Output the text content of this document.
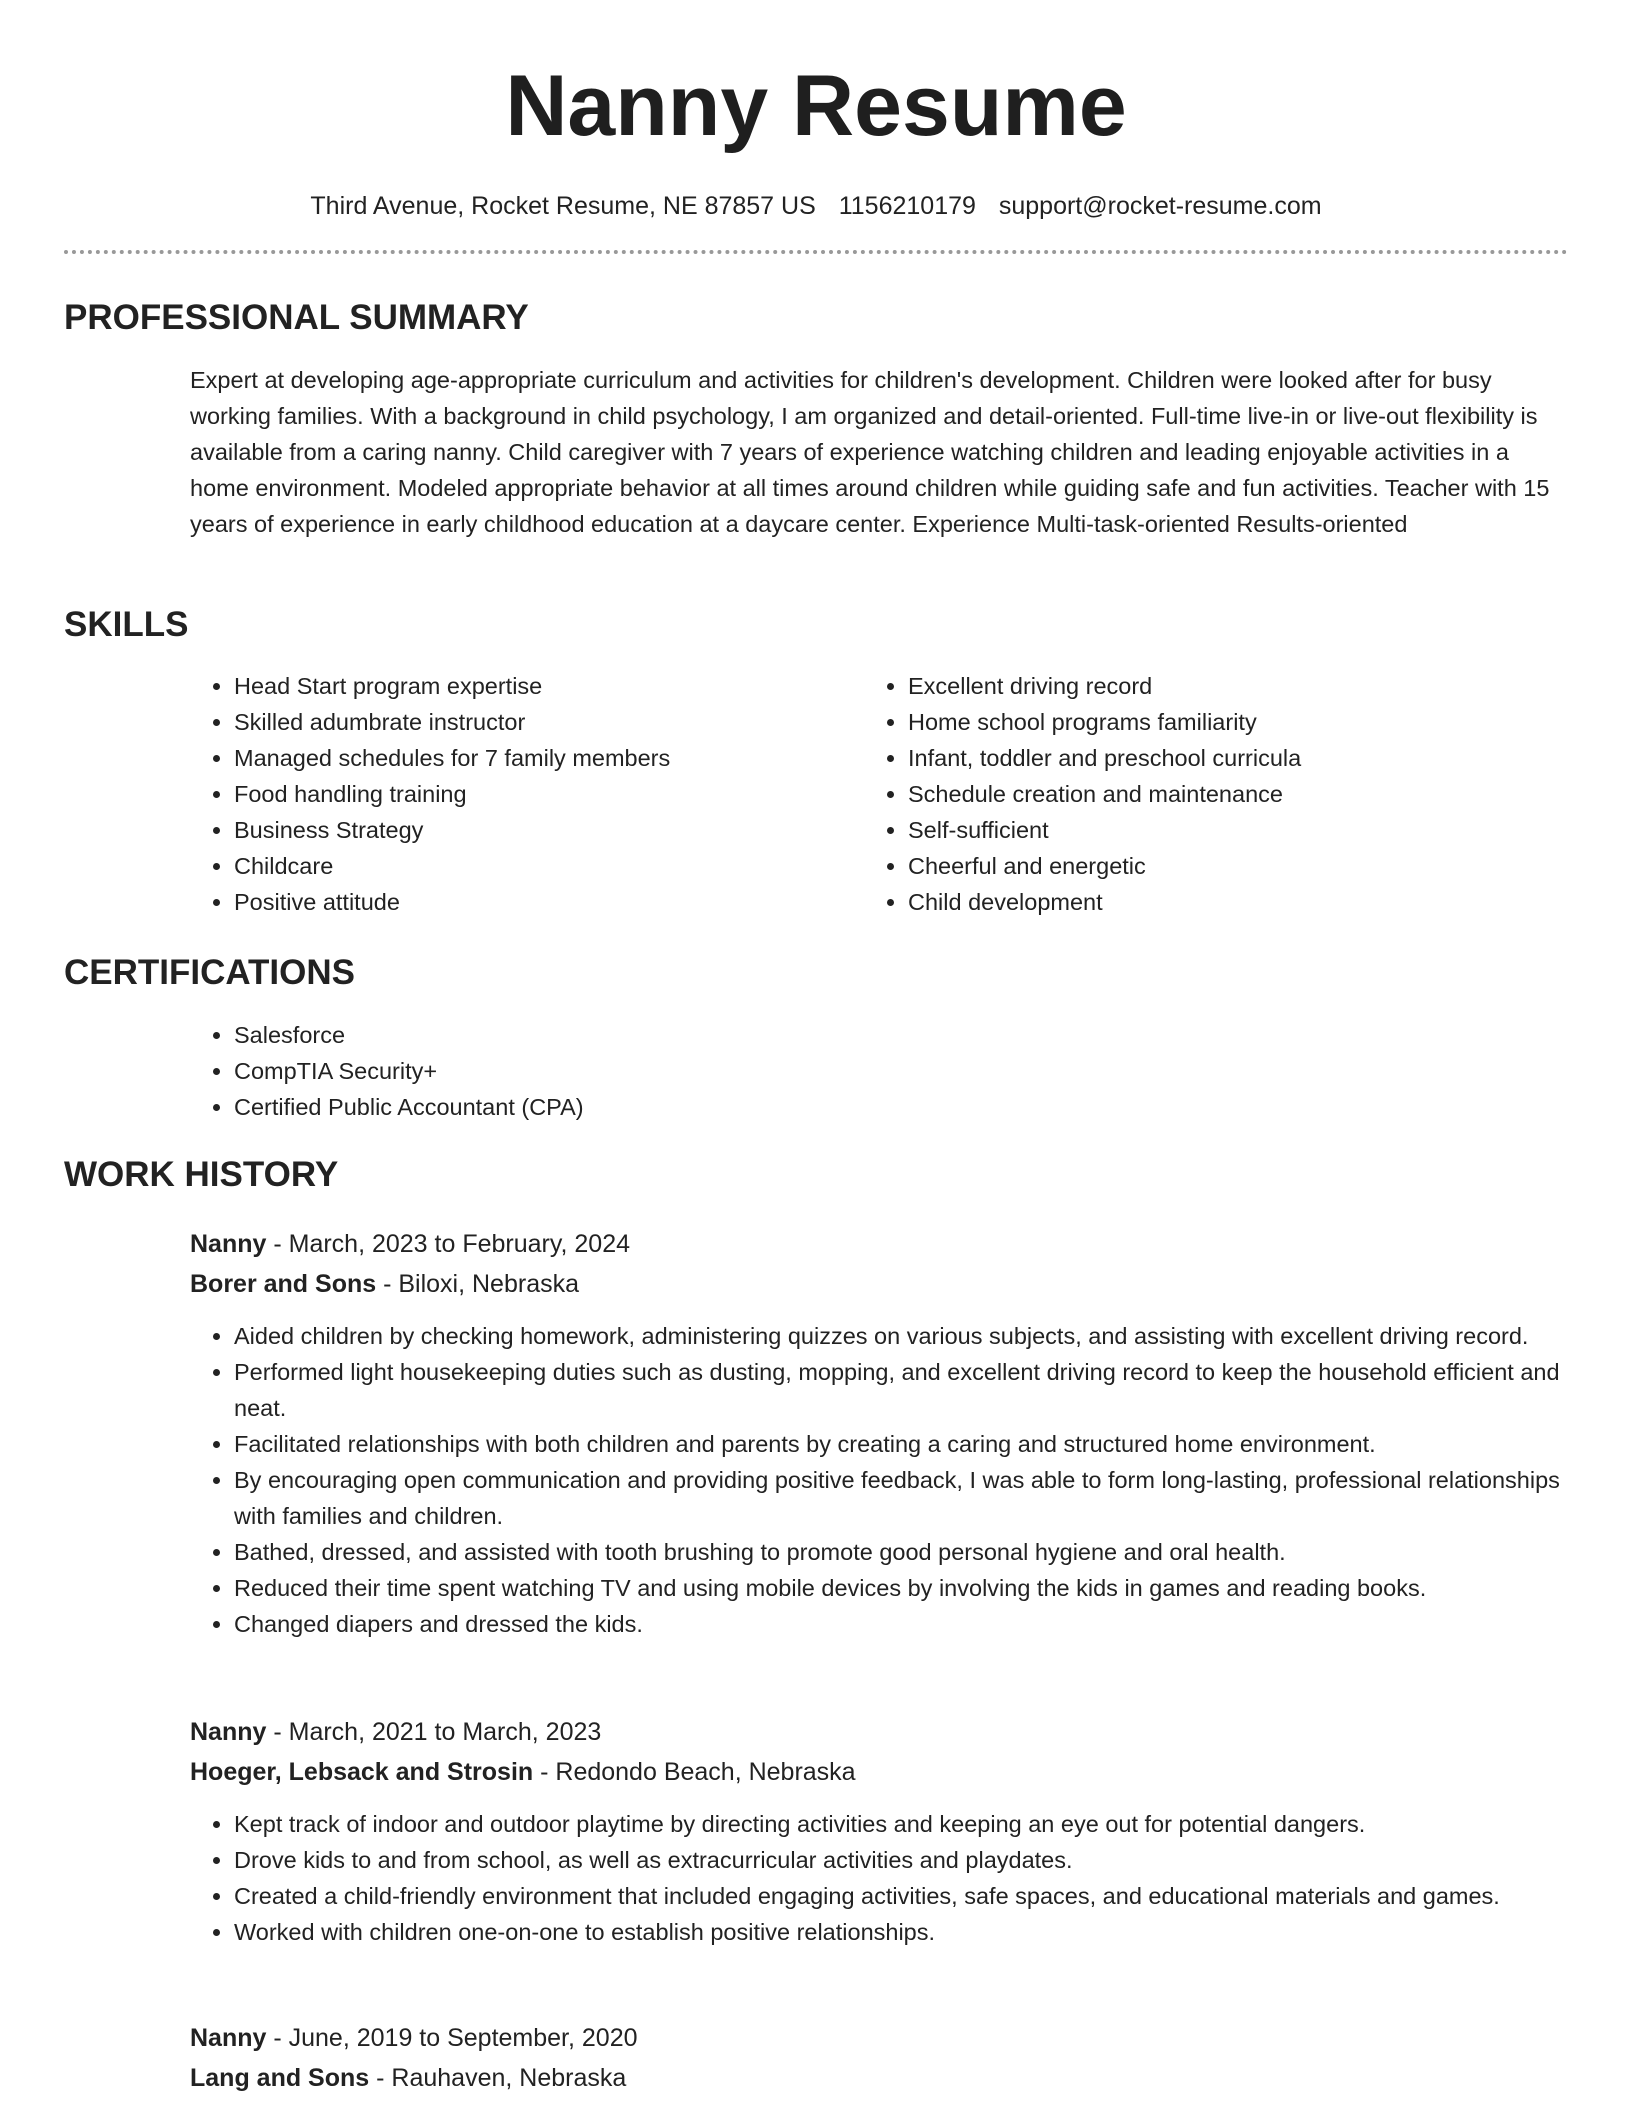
Nanny Resume
Third Avenue, Rocket Resume, NE 87857 US 1156210179 support@rocket-resume.com
PROFESSIONAL SUMMARY

Expert at developing age-appropriate curriculum and activities for children's development. Children were looked after for busy working families. With a background in child psychology, I am organized and detail-oriented. Full-time live-in or live-out flexibility is available from a caring nanny. Child caregiver with 7 years of experience watching children and leading enjoyable activities in a home environment. Modeled appropriate behavior at all times around children while guiding safe and fun activities. Teacher with 15 years of experience in early childhood education at a daycare center. Experience Multi-task-oriented Results-oriented

SKILLS
• Head Start program expertise
• Skilled adumbrate instructor
• Managed schedules for 7 family members
• Food handling training
• Business Strategy
• Childcare
• Positive attitude
• Excellent driving record
• Home school programs familiarity
• Infant, toddler and preschool curricula
• Schedule creation and maintenance
• Self-sufficient
• Cheerful and energetic
• Child development
CERTIFICATIONS
• Salesforce
• CompTIA Security+
• Certified Public Accountant (CPA)
WORK HISTORY

Nanny - March, 2023 to February, 2024

Borer and Sons - Biloxi, Nebraska

• Aided children by checking homework, administering quizzes on various subjects, and assisting with excellent driving record.
• Performed light housekeeping duties such as dusting, mopping, and excellent driving record to keep the household efficient and neat.
• Facilitated relationships with both children and parents by creating a caring and structured home environment.
• By encouraging open communication and providing positive feedback, I was able to form long-lasting, professional relationships with families and children.
• Bathed, dressed, and assisted with tooth brushing to promote good personal hygiene and oral health.
• Reduced their time spent watching TV and using mobile devices by involving the kids in games and reading books.
• Changed diapers and dressed the kids.

Nanny - March, 2021 to March, 2023

Hoeger, Lebsack and Strosin - Redondo Beach, Nebraska

• Kept track of indoor and outdoor playtime by directing activities and keeping an eye out for potential dangers.
• Drove kids to and from school, as well as extracurricular activities and playdates.
• Created a child-friendly environment that included engaging activities, safe spaces, and educational materials and games.
• Worked with children one-on-one to establish positive relationships.

Nanny - June, 2019 to September, 2020

Lang and Sons - Rauhaven, Nebraska
